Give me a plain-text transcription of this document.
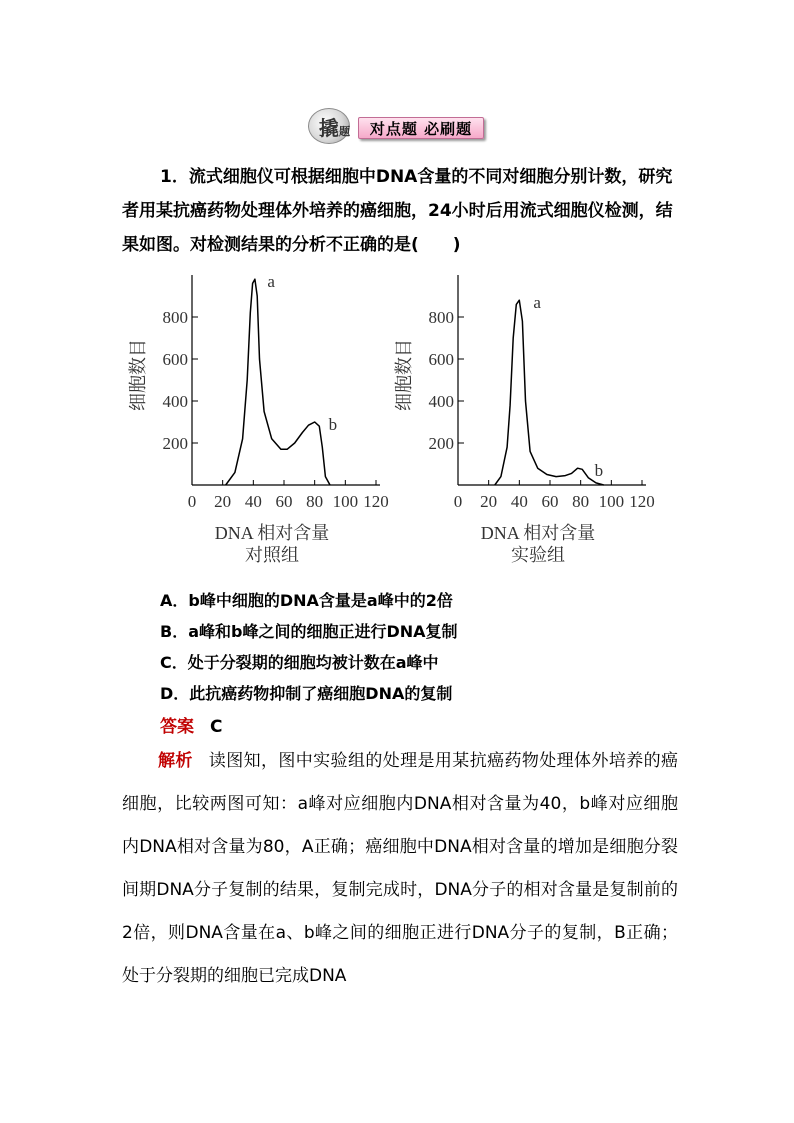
撬 题	对点题 必刷题
1．流式细胞仪可根据细胞中DNA含量的不同对细胞分别计数，研究者用某抗癌药物处理体外培养的癌细胞，24小时后用流式细胞仪检测，结果如图。对检测结果的分析不正确的是(　　)
200
400
600
800
0 20 40 60 80 100 120
细胞数目
DNA 相对含量
对照组
a
b
200
400
600
800
0 20 40 60 80 100 120
细胞数目
DNA 相对含量
实验组
a
b
A．b峰中细胞的DNA含量是a峰中的2倍
B．a峰和b峰之间的细胞正进行DNA复制
C．处于分裂期的细胞均被计数在a峰中
D．此抗癌药物抑制了癌细胞DNA的复制
答案 C
解析 读图知，图中实验组的处理是用某抗癌药物处理体外培养的癌细胞，比较两图可知：a峰对应细胞内DNA相对含量为40，b峰对应细胞内DNA相对含量为80，A正确；癌细胞中DNA相对含量的增加是细胞分裂间期DNA分子复制的结果，复制完成时，DNA分子的相对含量是复制前的2倍，则DNA含量在a、b峰之间的细胞正进行DNA分子的复制，B正确；处于分裂期的细胞已完成DNA
